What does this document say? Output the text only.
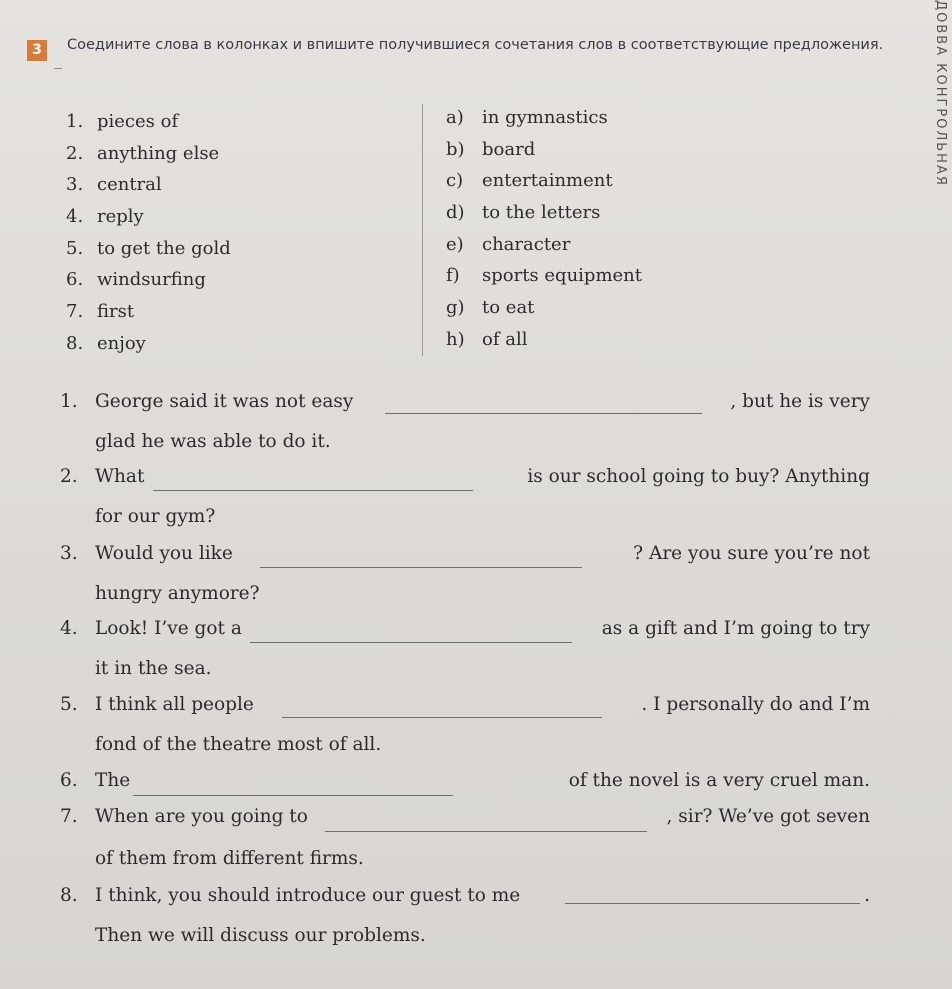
ДОВВА КОНГРОЛЬНАЯ
3	Соедините слова в колонках и впишите получившиеся сочетания слов в соответствующие предложения.
1. pieces of
2. anything else
3. central
4. reply
5. to get the gold
6. windsurfing
7. first
8. enjoy
a) in gymnastics
b) board
c) entertainment
d) to the letters
e) character
f) sports equipment
g) to eat
h) of all
1. George said it was not easy	, but he is very
glad he was able to do it.
2. What	is our school going to buy? Anything
for our gym?
3. Would you like	? Are you sure you’re not
hungry anymore?
4. Look! I’ve got a	as a gift and I’m going to try
it in the sea.
5. I think all people	. I personally do and I’m
fond of the theatre most of all.
6. The	of the novel is a very cruel man.
7. When are you going to	, sir? We’ve got seven
of them from different firms.
8. I think, you should introduce our guest to me	.
Then we will discuss our problems.
